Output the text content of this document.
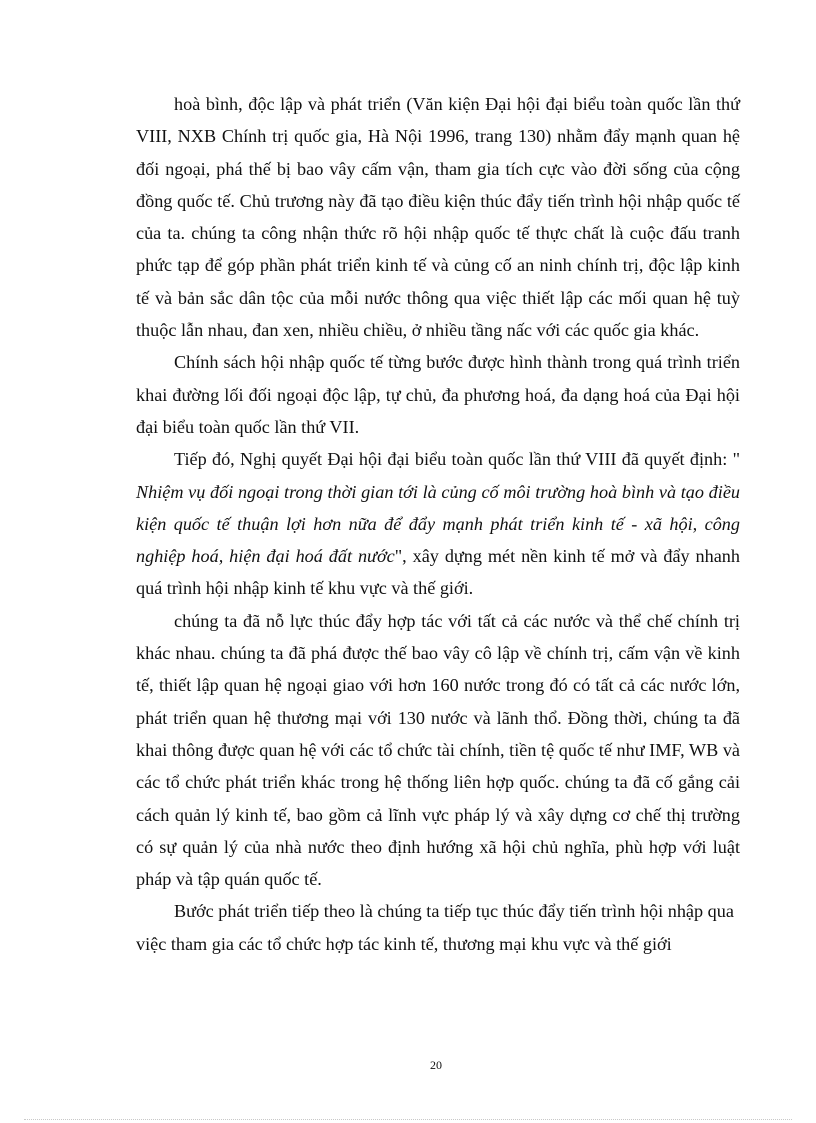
hoà bình, độc lập và phát triển (Văn kiện Đại hội đại biểu toàn quốc lần thứ VIII, NXB Chính trị quốc gia, Hà Nội 1996, trang 130) nhằm đẩy mạnh quan hệ đối ngoại, phá thế bị bao vây cấm vận, tham gia tích cực vào đời sống của cộng đồng quốc tế. Chủ trương này đã tạo điều kiện thúc đẩy tiến trình hội nhập quốc tế của ta. chúng ta công nhận thức rõ hội nhập quốc tế thực chất là cuộc đấu tranh phức tạp để góp phần phát triển kinh tế và củng cố an ninh chính trị, độc lập kinh tế và bản sắc dân tộc của mỗi nước thông qua việc thiết lập các mối quan hệ tuỳ thuộc lẫn nhau, đan xen, nhiều chiều, ở nhiều tầng nấc với các quốc gia khác.

Chính sách hội nhập quốc tế từng bước được hình thành trong quá trình triển khai đường lối đối ngoại độc lập, tự chủ, đa phương hoá, đa dạng hoá của Đại hội đại biểu toàn quốc lần thứ VII.

Tiếp đó, Nghị quyết Đại hội đại biểu toàn quốc lần thứ VIII đã quyết định: " Nhiệm vụ đối ngoại trong thời gian tới là củng cố môi trường hoà bình và tạo điều kiện quốc tế thuận lợi hơn nữa để đẩy mạnh phát triển kinh tế - xã hội, công nghiệp hoá, hiện đại hoá đất nước", xây dựng mét nền kinh tế mở và đẩy nhanh quá trình hội nhập kinh tế khu vực và thế giới.

chúng ta đã nỗ lực thúc đẩy hợp tác với tất cả các nước và thể chế chính trị khác nhau. chúng ta đã phá được thế bao vây cô lập về chính trị, cấm vận về kinh tế, thiết lập quan hệ ngoại giao với hơn 160 nước trong đó có tất cả các nước lớn, phát triển quan hệ thương mại với 130 nước và lãnh thổ. Đồng thời, chúng ta đã khai thông được quan hệ với các tổ chức tài chính, tiền tệ quốc tế như IMF, WB và các tổ chức phát triển khác trong hệ thống liên hợp quốc. chúng ta đã cố gắng cải cách quản lý kinh tế, bao gồm cả lĩnh vực pháp lý và xây dựng cơ chế thị trường có sự quản lý của nhà nước theo định hướng xã hội chủ nghĩa, phù hợp với luật pháp và tập quán quốc tế.

Bước phát triển tiếp theo là chúng ta tiếp tục thúc đẩy tiến trình hội nhập qua việc tham gia các tổ chức hợp tác kinh tế, thương mại khu vực và thế giới

20
